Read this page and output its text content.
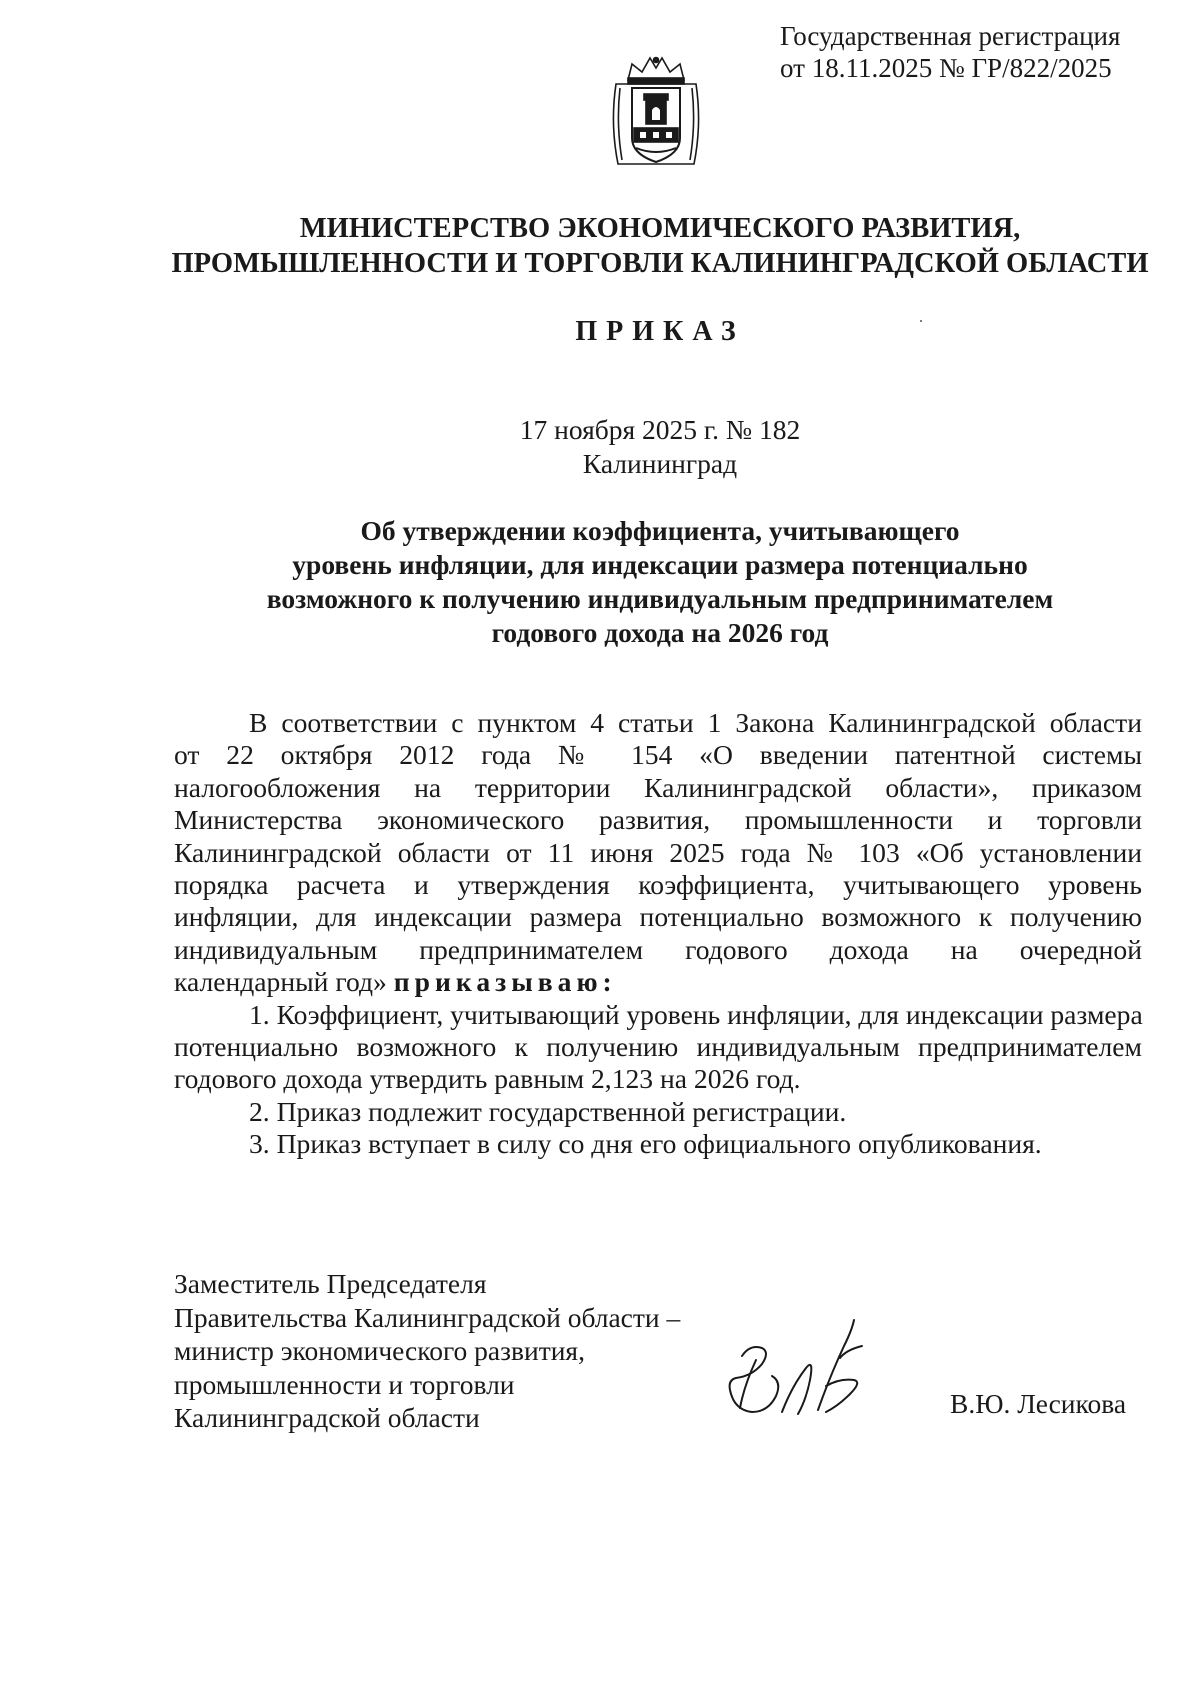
Государственная регистрация
от 18.11.2025 № ГР/822/2025
МИНИСТЕРСТВО ЭКОНОМИЧЕСКОГО РАЗВИТИЯ,
ПРОМЫШЛЕННОСТИ И ТОРГОВЛИ КАЛИНИНГРАДСКОЙ ОБЛАСТИ
ПРИКАЗ
17 ноября 2025 г. № 182
Калининград
Об утверждении коэффициента, учитывающего
уровень инфляции, для индексации размера потенциально
возможного к получению индивидуальным предпринимателем
годового дохода на 2026 год
В соответствии с пунктом 4 статьи 1 Закона Калининградской области
от 22 октября 2012 года № 154 «О введении патентной системы
налогообложения на территории Калининградской области», приказом
Министерства экономического развития, промышленности и торговли
Калининградской области от 11 июня 2025 года № 103 «Об установлении
порядка расчета и утверждения коэффициента, учитывающего уровень
инфляции, для индексации размера потенциально возможного к получению
индивидуальным предпринимателем годового дохода на очередной
календарный год» приказываю:
1. Коэффициент, учитывающий уровень инфляции, для индексации размера
потенциально возможного к получению индивидуальным предпринимателем
годового дохода утвердить равным 2,123 на 2026 год.
2. Приказ подлежит государственной регистрации.
3. Приказ вступает в силу со дня его официального опубликования.
Заместитель Председателя
Правительства Калининградской области –
министр экономического развития,
промышленности и торговли
Калининградской области	В.Ю. Лесикова
